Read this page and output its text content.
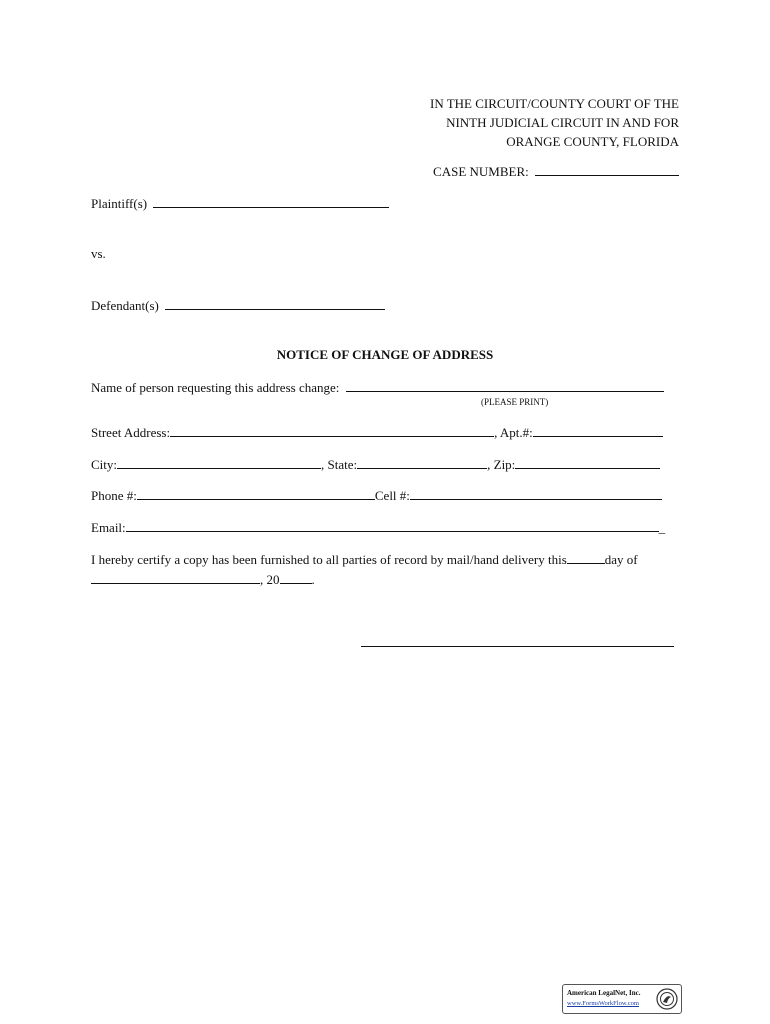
IN THE CIRCUIT/COUNTY COURT OF THE
NINTH JUDICIAL CIRCUIT IN AND FOR
ORANGE COUNTY, FLORIDA
CASE NUMBER:
Plaintiff(s)
vs.
Defendant(s)
NOTICE OF CHANGE OF ADDRESS
Name of person requesting this address change:
(PLEASE PRINT)
Street Address:	, Apt.#:
City:	, State:	, Zip:
Phone #:	Cell #:
Email:	_
I hereby certify a copy has been furnished to all parties of record by mail/hand delivery this	day of
, 20 .
American LegalNet, Inc.
www.FormsWorkFlow.com
